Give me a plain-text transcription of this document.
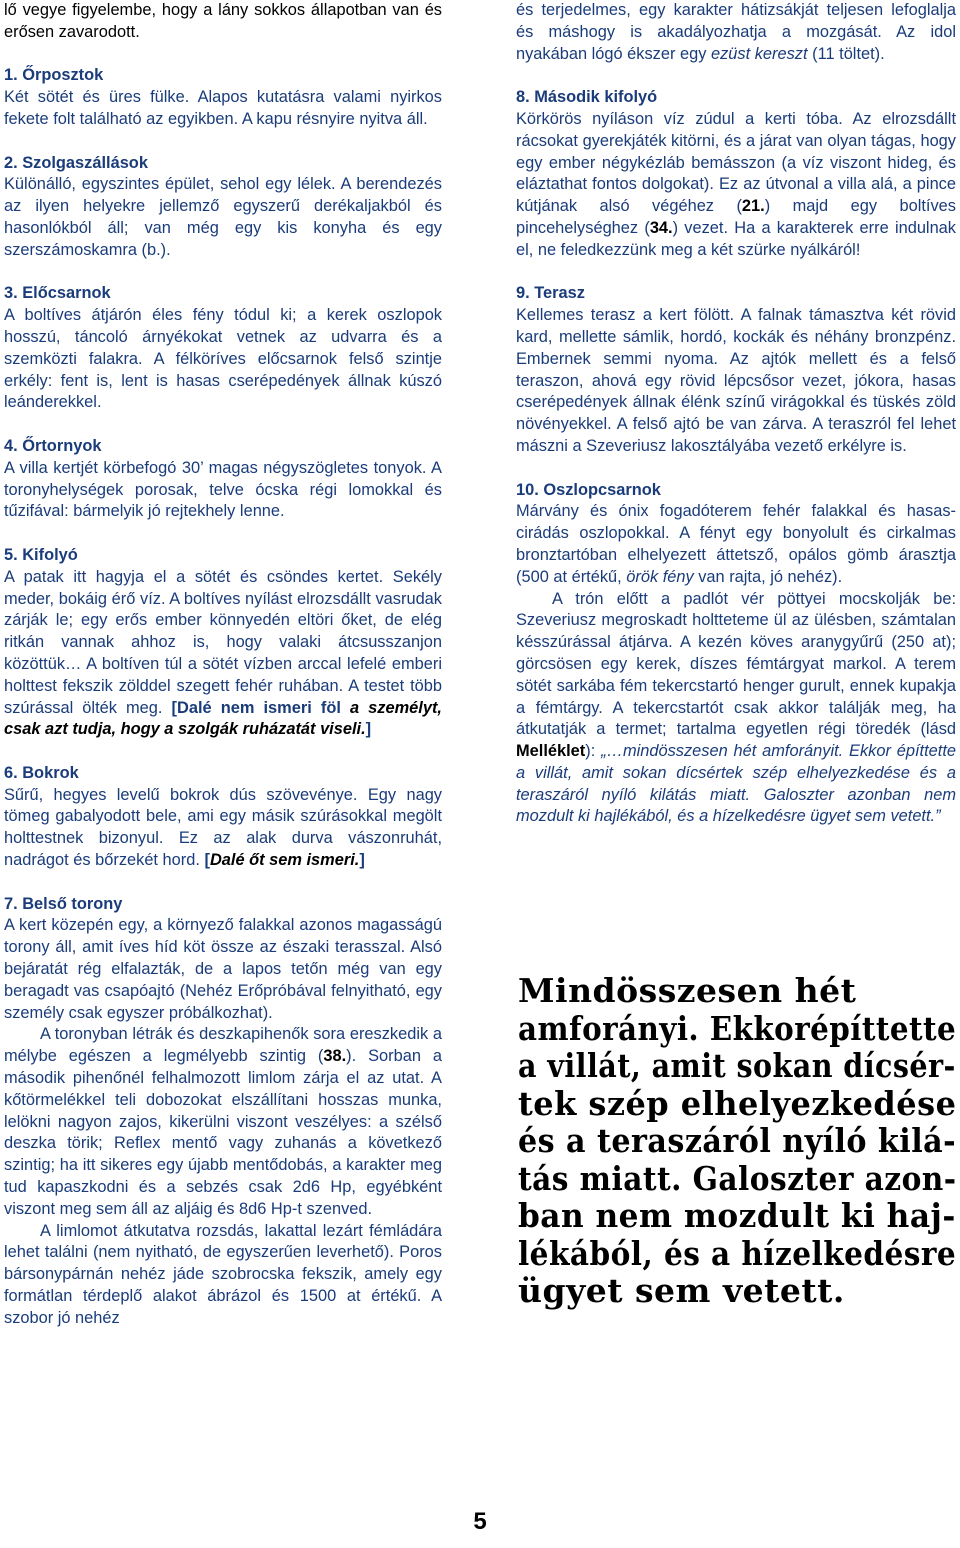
lő vegye figyelembe, hogy a lány sokkos állapotban van és erősen zavarodott.

1. Őrposztok

Két sötét és üres fülke. Alapos kutatásra valami nyirkos fekete folt található az egyikben. A kapu résnyire nyitva áll.

2. Szolgaszállások

Különálló, egyszintes épület, sehol egy lélek. A berendezés az ilyen helyekre jellemző egyszerű derékaljakból és hasonlókból áll; van még egy kis konyha és egy szerszámoskamra (b.).

3. Előcsarnok

A boltíves átjárón éles fény tódul ki; a kerek oszlopok hosszú, táncoló árnyékokat vetnek az udvarra és a szemközti falakra. A félköríves előcsarnok felső szintje erkély: fent is, lent is hasas cserépedények állnak kúszó leánderekkel.

4. Őrtornyok

A villa kertjét körbefogó 30’ magas négyszögletes tonyok. A toronyhelységek porosak, telve ócska régi lomokkal és tűzifával: bármelyik jó rejtekhely lenne.

5. Kifolyó

A patak itt hagyja el a sötét és csöndes kertet. Sekély meder, bokáig érő víz. A boltíves nyílást elrozsdállt vasrudak zárják le; egy erős ember könnyedén eltöri őket, de elég ritkán vannak ahhoz is, hogy valaki átcsusszanjon közöttük… A boltíven túl a sötét vízben arccal lefelé emberi holttest fekszik zölddel szegett fehér ruhában. A testet több szúrással ölték meg. [Dalé nem ismeri föl a személyt, csak azt tudja, hogy a szolgák ruházatát viseli.]

6. Bokrok

Sűrű, hegyes levelű bokrok dús szövevénye. Egy nagy tömeg gabalyodott bele, ami egy másik szúrásokkal megölt holttestnek bizonyul. Ez az alak durva vászonruhát, nadrágot és bőrzekét hord. [Dalé őt sem ismeri.]

7. Belső torony

A kert közepén egy, a környező falakkal azonos magasságú torony áll, amit íves híd köt össze az északi terasszal. Alsó bejáratát rég elfalazták, de a lapos tetőn még van egy beragadt vas csapóajtó (Nehéz Erőpróbával felnyitható, egy személy csak egyszer próbálkozhat).

A toronyban létrák és deszkapihenők sora ereszkedik a mélybe egészen a legmélyebb szintig (38.). Sorban a második pihenőnél felhalmozott limlom zárja el az utat. A kőtörmelékkel teli dobozokat elszállítani hosszas munka, lelökni nagyon zajos, kikerülni viszont veszélyes: a szélső deszka törik; Reflex mentő vagy zuhanás a következő szintig; ha itt sikeres egy újabb mentődobás, a karakter meg tud kapaszkodni és a sebzés csak 2d6 Hp, egyébként viszont meg sem áll az aljáig és 8d6 Hp-t szenved.

A limlomot átkutatva rozsdás, lakattal lezárt fémládára lehet találni (nem nyitható, de egyszerűen leverhető). Poros bársonypárnán nehéz jáde szobrocska fekszik, amely egy formátlan térdeplő alakot ábrázol és 1500 at értékű. A szobor jó nehéz

és terjedelmes, egy karakter hátizsákját teljesen lefoglalja és máshogy is akadályozhatja a mozgását. Az idol nyakában lógó ékszer egy ezüst kereszt (11 töltet).

8. Második kifolyó

Körkörös nyíláson víz zúdul a kerti tóba. Az elrozsdállt rácsokat gyerekjáték kitörni, és a járat van olyan tágas, hogy egy ember négykézláb bemásszon (a víz viszont hideg, és eláztathat fontos dolgokat). Ez az útvonal a villa alá, a pince kútjának alsó végéhez (21.) majd egy boltíves pincehelységhez (34.) vezet. Ha a karakterek erre indulnak el, ne feledkezzünk meg a két szürke nyálkáról!

9. Terasz

Kellemes terasz a kert fölött. A falnak támasztva két rövid kard, mellette sámlik, hordó, kockák és néhány bronzpénz. Embernek semmi nyoma. Az ajtók mellett és a felső teraszon, ahová egy rövid lépcsősor vezet, jókora, hasas cserépedények állnak élénk színű virágokkal és tüskés zöld növényekkel. A felső ajtó be van zárva. A teraszról fel lehet mászni a Szeveriusz lakosztályába vezető erkélyre is.

10. Oszlopcsarnok

Márvány és ónix fogadóterem fehér falakkal és hasas-cirádás oszlopokkal. A fényt egy bonyolult és cirkalmas bronztartóban elhelyezett áttetsző, opálos gömb árasztja (500 at értékű, örök fény van rajta, jó nehéz).

A trón előtt a padlót vér pöttyei mocskolják be: Szeveriusz megroskadt holtteteme ül az ülésben, számtalan késszúrással átjárva. A kezén köves aranygyűrű (250 at); görcsösen egy kerek, díszes fémtárgyat markol. A terem sötét sarkába fém tekercstartó henger gurult, ennek kupakja a fémtárgy. A tekercstartót csak akkor találják meg, ha átkutatják a termet; tartalma egyetlen régi töredék (lásd Melléklet): „…mindösszesen hét amforányit. Ekkor építtette a villát, amit sokan dícsértek szép elhelyezkedése és a teraszáról nyíló kilátás miatt. Galoszter azonban nem mozdult ki hajlékából, és a hízelkedésre ügyet sem vetett.”

Mindösszesen hét
amforányi. Ekkorépíttette
a villát, amit sokan dícsér-
tek szép elhelyezkedése
és a teraszáról nyíló kilá-
tás miatt. Galoszter azon-
ban nem mozdult ki haj-
lékából, és a hízelkedésre
ügyet sem vetett.
5
